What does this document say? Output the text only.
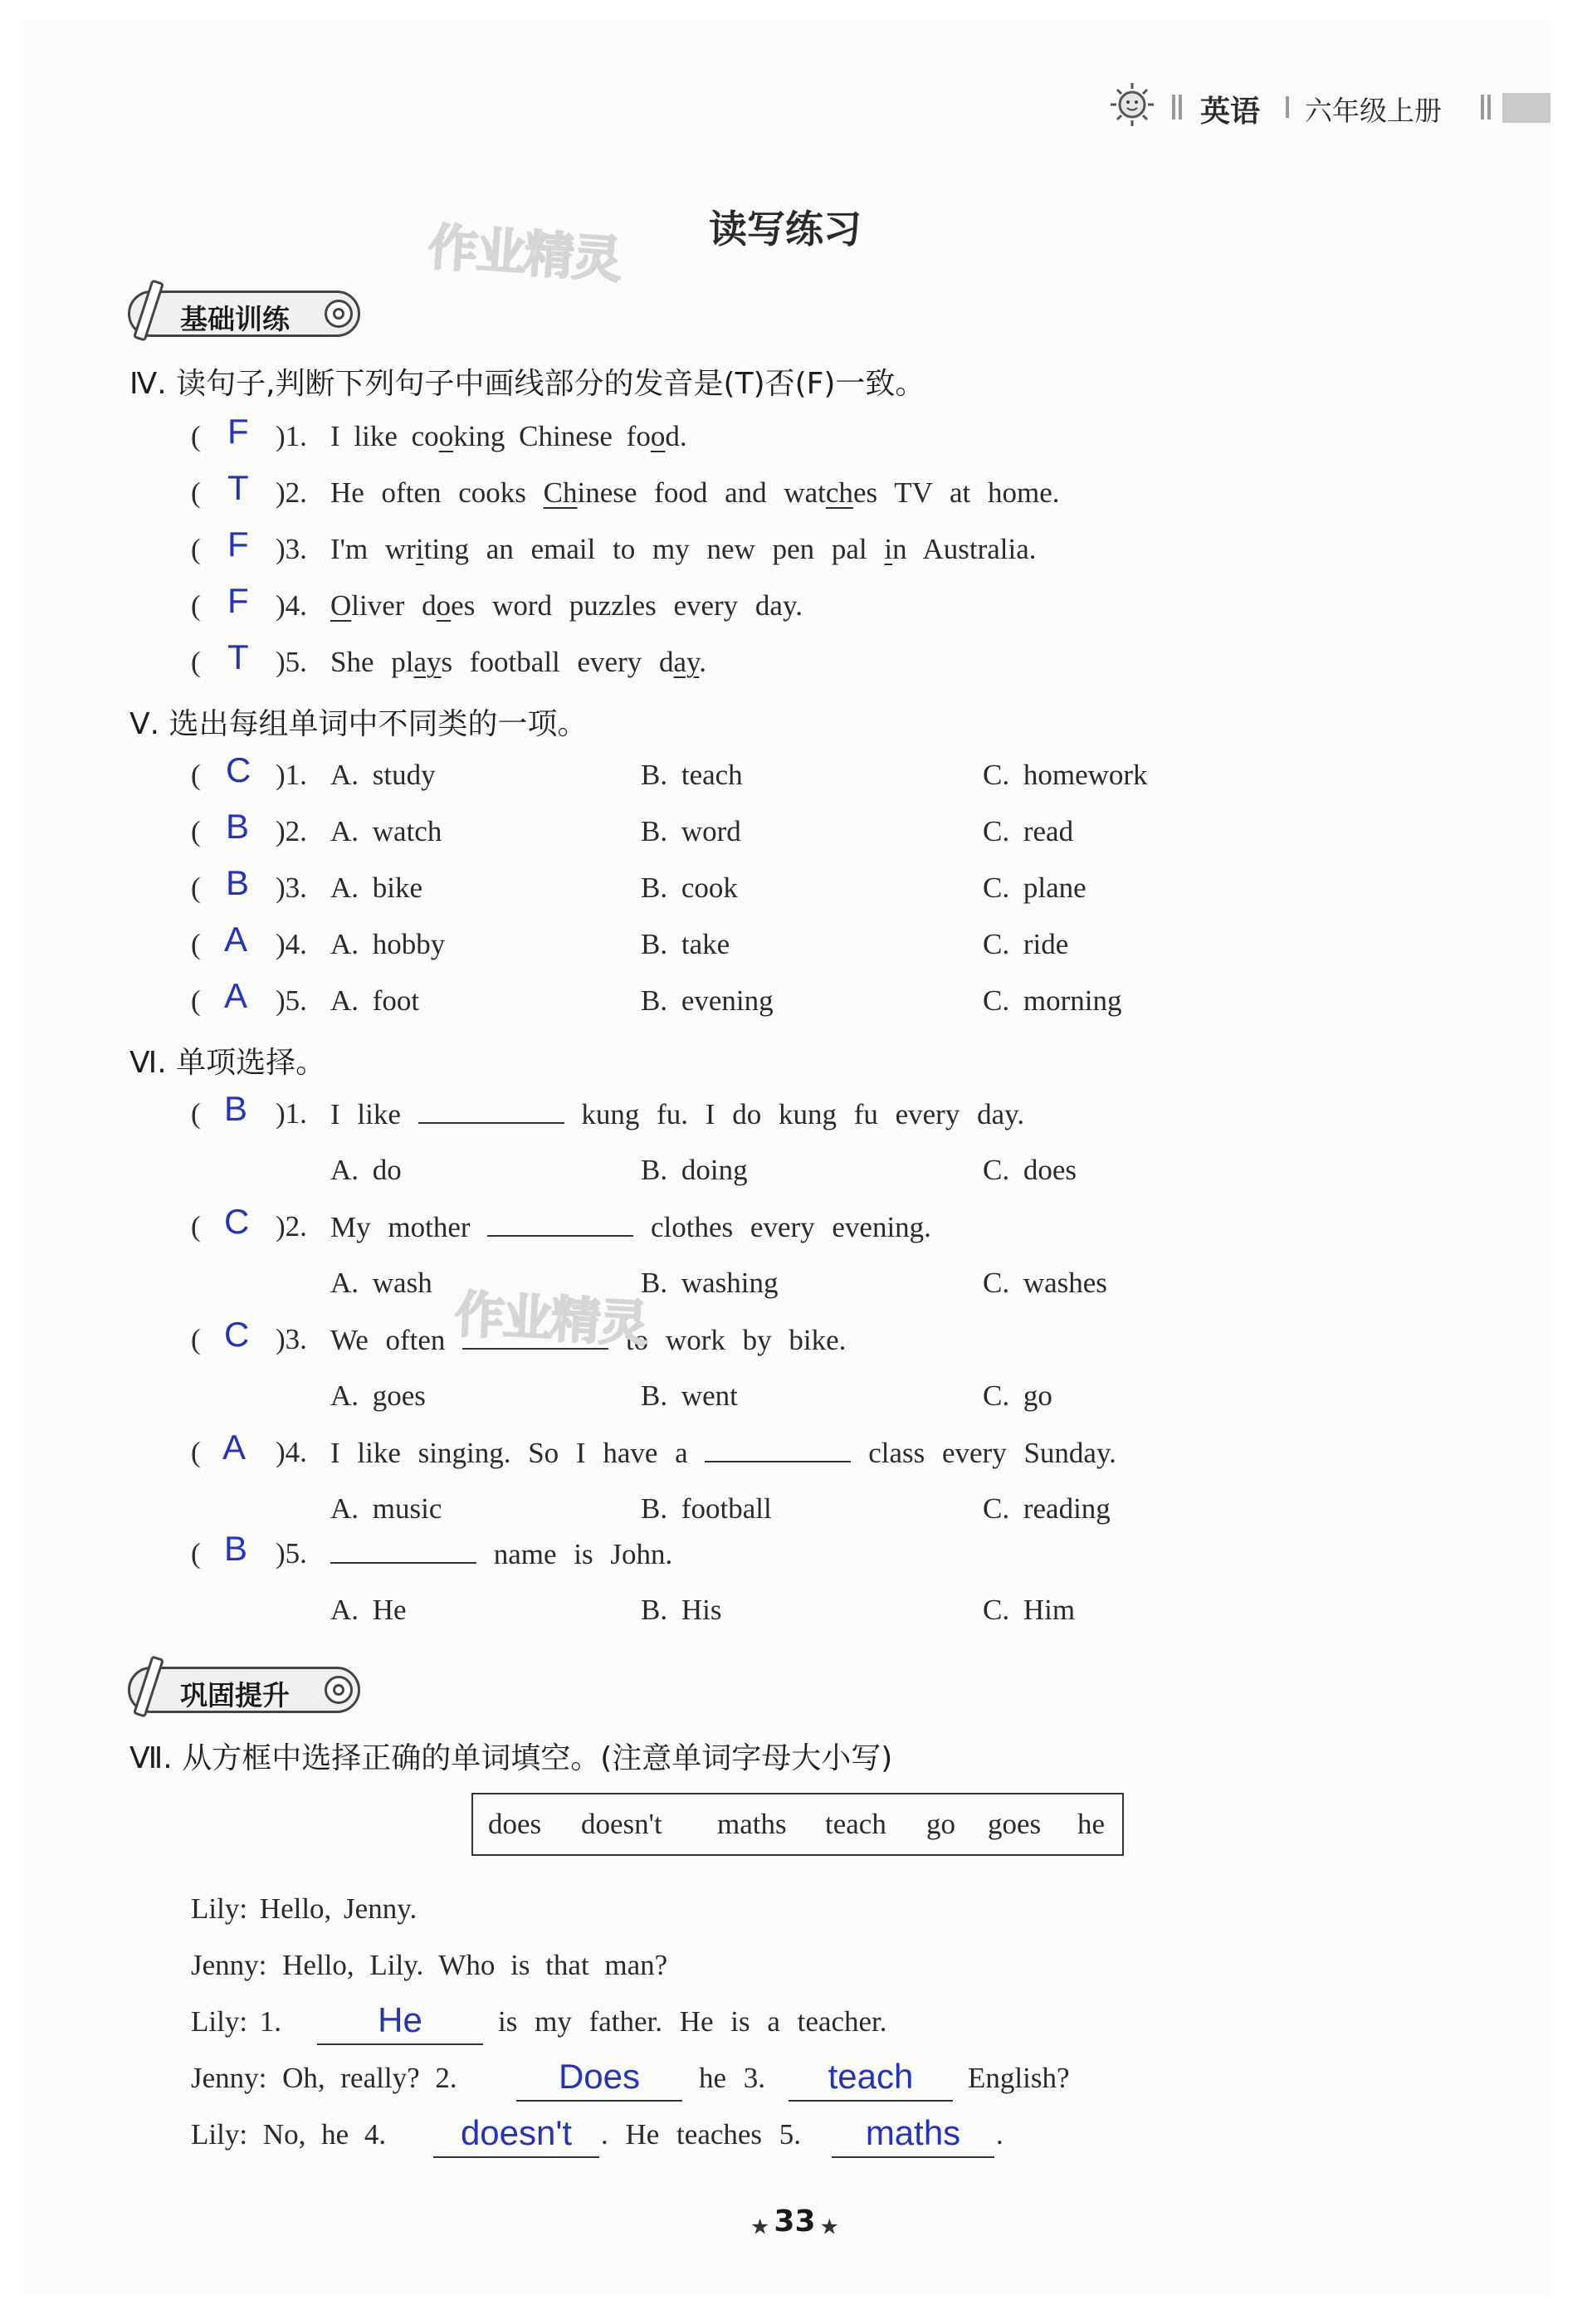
英语 六年级上册
读写练习
作业精灵
基础训练
Ⅳ. 读句子,判断下列句子中画线部分的发音是(T)否(F)一致。
( F )1. I like cooking Chinese food.
( T )2. He often cooks Chinese food and watches TV at home.
( F )3. I'm writing an email to my new pen pal in Australia.
( F )4. Oliver does word puzzles every day.
( T )5. She plays football every day.
Ⅴ. 选出每组单词中不同类的一项。
( C )1. A. study	B. teach	C. homework
( B )2. A. watch	B. word	C. read
( B )3. A. bike	B. cook	C. plane
( A )4. A. hobby	B. take	C. ride
( A )5. A. foot	B. evening	C. morning
Ⅵ. 单项选择。
( B )1. I like	kung fu. I do kung fu every day.
A. do	B. doing	C. does
( C )2. My mother	clothes every evening.
A. wash	B. washing	C. washes
( C )3. We often	to work by bike.
A. goes	B. went	C. go
( A )4. I like singing. So I have a	class every Sunday.
A. music	B. football	C. reading
( B )5.	name is John.
A. He	B. His	C. Him
作业精灵
巩固提升
Ⅶ. 从方框中选择正确的单词填空。(注意单词字母大小写)
does doesn't maths teach go goes he
Lily: Hello, Jenny.
Jenny: Hello, Lily. Who is that man?
Lily: 1.	He	is my father. He is a teacher.
Jenny: Oh, really? 2.	Does	he 3.	teach	English?
Lily: No, he 4.	doesn't . He teaches 5.	maths	.
★ 33 ★
